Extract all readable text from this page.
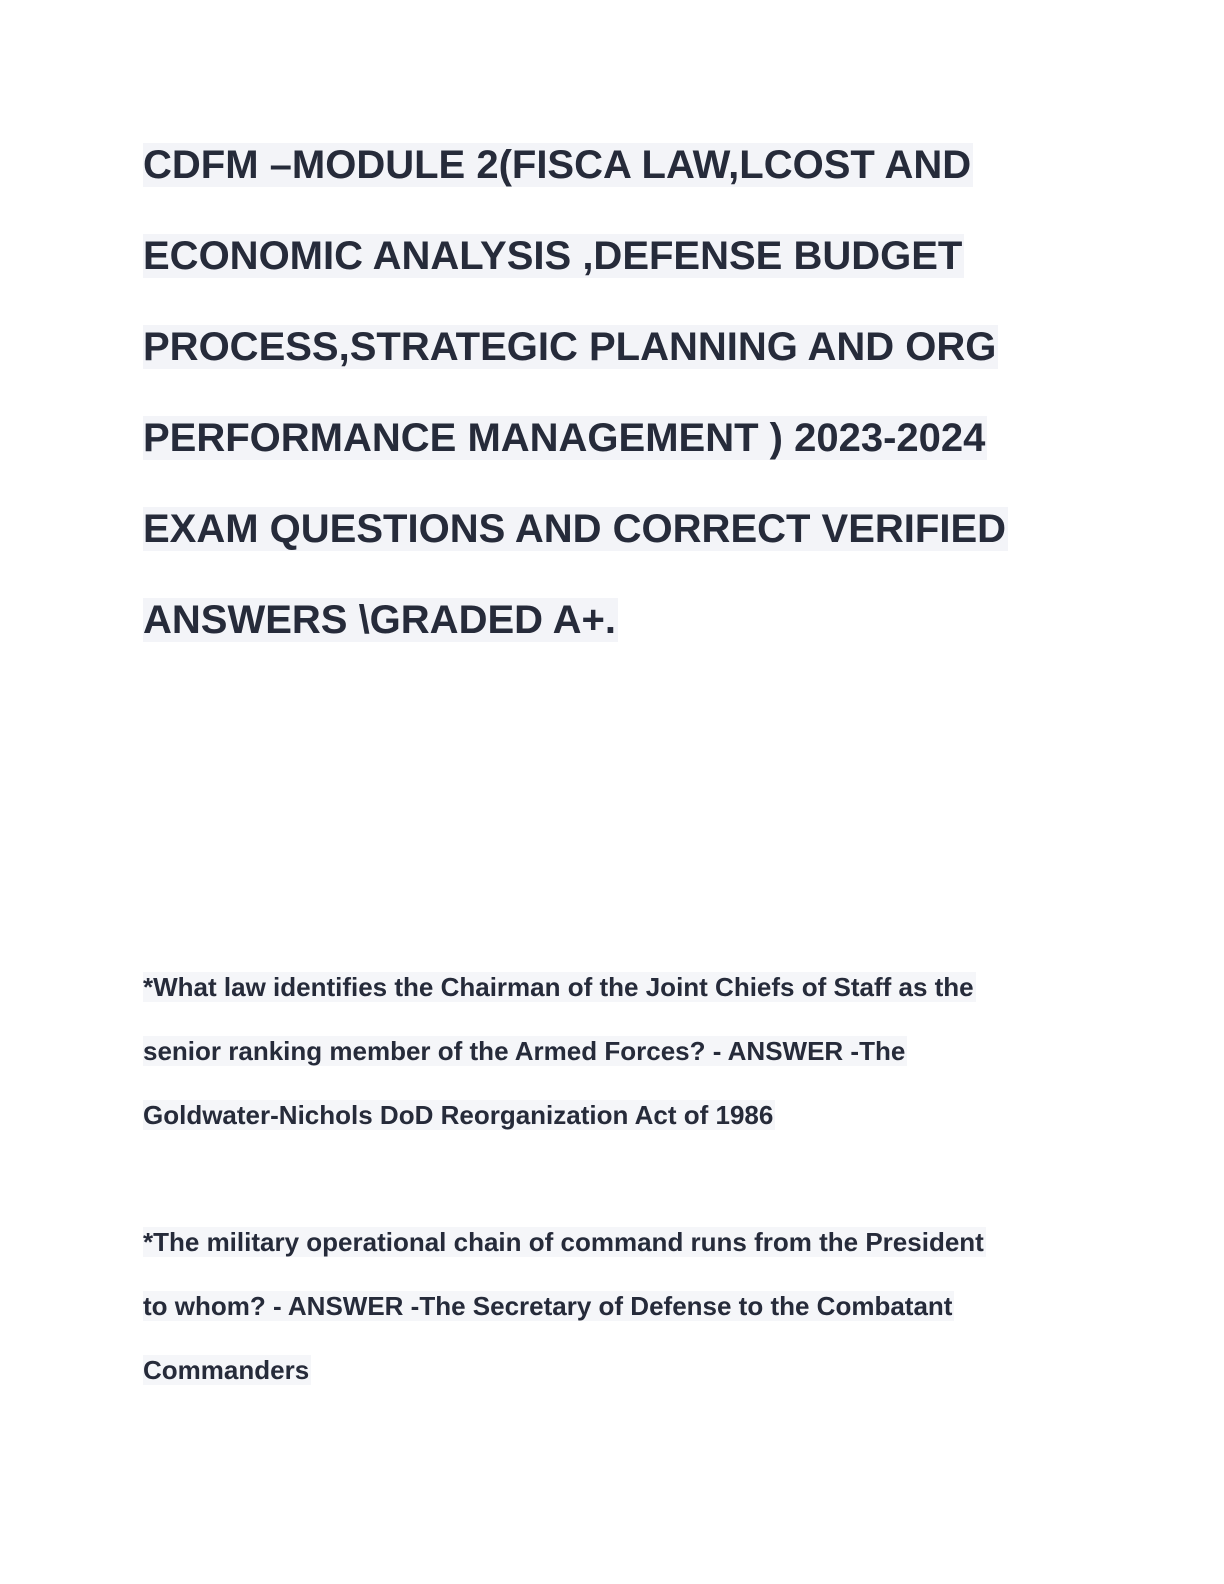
CDFM –MODULE 2(FISCA LAW,LCOST AND

ECONOMIC ANALYSIS ,DEFENSE BUDGET

PROCESS,STRATEGIC PLANNING AND ORG

PERFORMANCE MANAGEMENT ) 2023-2024

EXAM QUESTIONS AND CORRECT VERIFIED

ANSWERS \GRADED A+.

*What law identifies the Chairman of the Joint Chiefs of Staff as the

senior ranking member of the Armed Forces? - ANSWER -The

Goldwater-Nichols DoD Reorganization Act of 1986

*The military operational chain of command runs from the President

to whom? - ANSWER -The Secretary of Defense to the Combatant

Commanders
